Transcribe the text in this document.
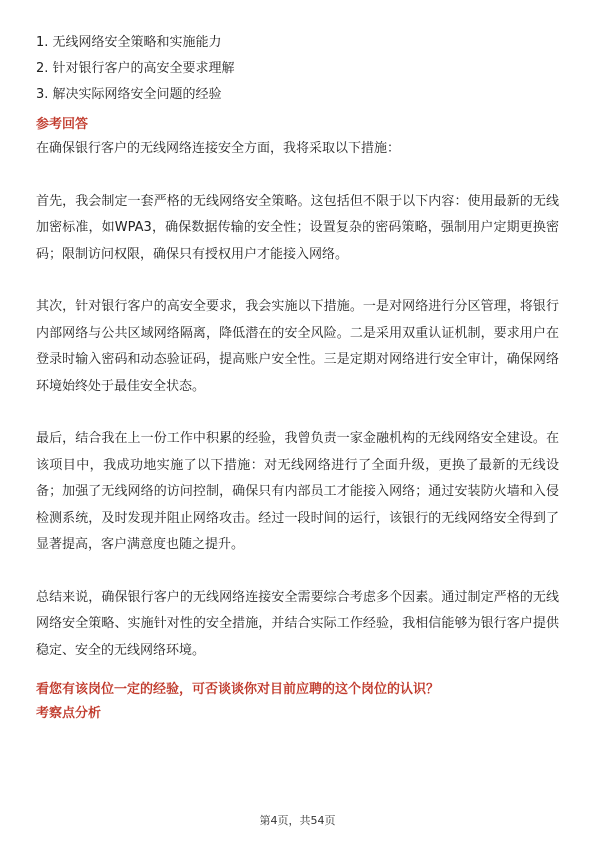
1. 无线网络安全策略和实施能力
2. 针对银行客户的高安全要求理解
3. 解决实际网络安全问题的经验
参考回答

在确保银行客户的无线网络连接安全方面，我将采取以下措施：

首先，我会制定一套严格的无线网络安全策略。这包括但不限于以下内容：使用最新的无线加密标准，如WPA3，确保数据传输的安全性；设置复杂的密码策略，强制用户定期更换密码；限制访问权限，确保只有授权用户才能接入网络。

其次，针对银行客户的高安全要求，我会实施以下措施。一是对网络进行分区管理，将银行内部网络与公共区域网络隔离，降低潜在的安全风险。二是采用双重认证机制，要求用户在登录时输入密码和动态验证码，提高账户安全性。三是定期对网络进行安全审计，确保网络环境始终处于最佳安全状态。

最后，结合我在上一份工作中积累的经验，我曾负责一家金融机构的无线网络安全建设。在该项目中，我成功地实施了以下措施：对无线网络进行了全面升级，更换了最新的无线设备；加强了无线网络的访问控制，确保只有内部员工才能接入网络；通过安装防火墙和入侵检测系统，及时发现并阻止网络攻击。经过一段时间的运行，该银行的无线网络安全得到了显著提高，客户满意度也随之提升。

总结来说，确保银行客户的无线网络连接安全需要综合考虑多个因素。通过制定严格的无线网络安全策略、实施针对性的安全措施，并结合实际工作经验，我相信能够为银行客户提供稳定、安全的无线网络环境。

看您有该岗位一定的经验，可否谈谈你对目前应聘的这个岗位的认识？
考察点分析
第4页，共54页
